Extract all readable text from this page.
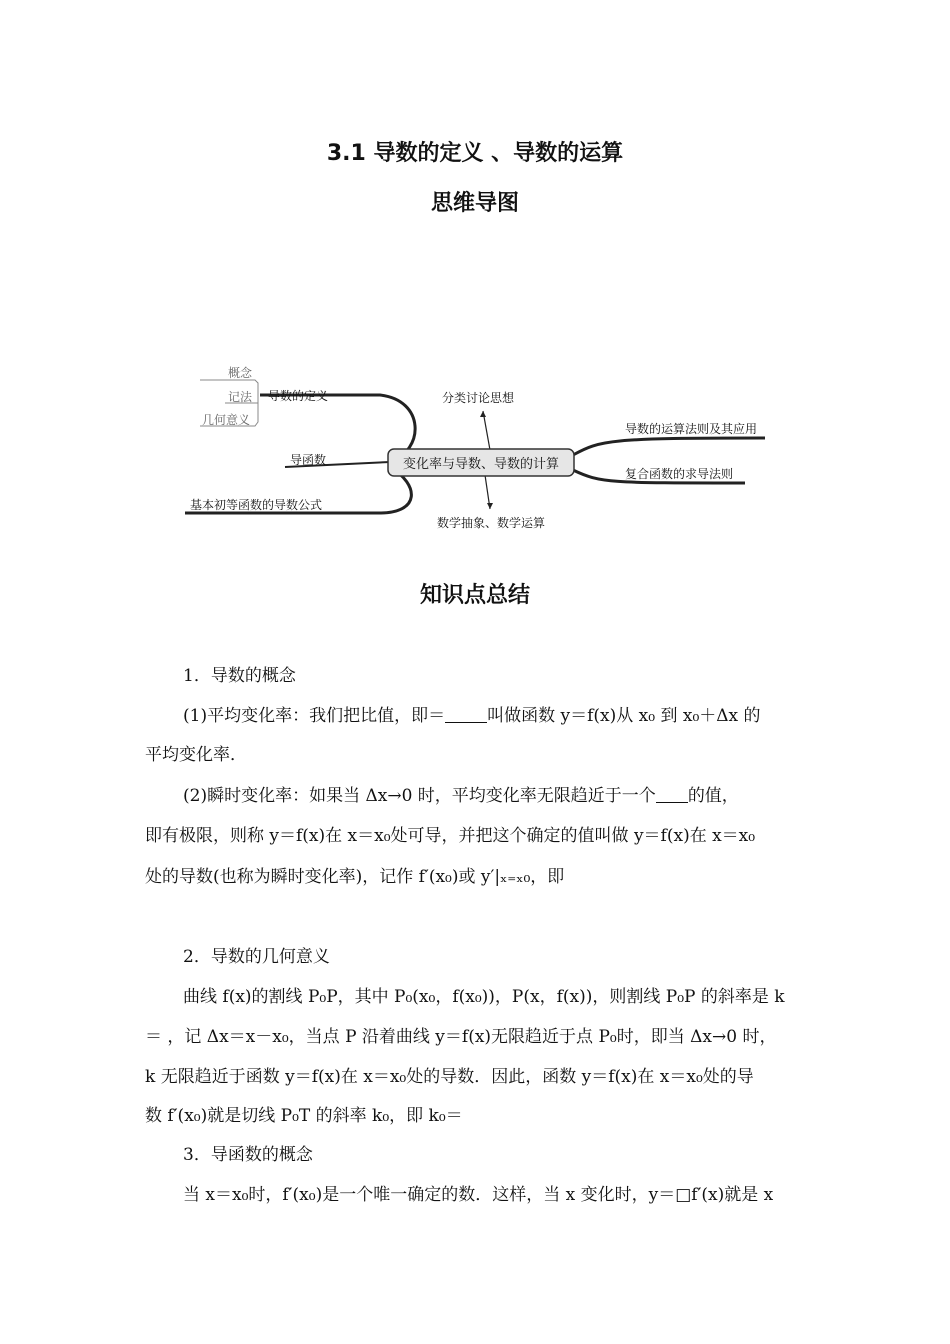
3.1 导数的定义 、导数的运算
思维导图
变化率与导数、导数的计算
概念
记法
几何意义
导数的定义
导函数
基本初等函数的导数公式
导数的运算法则及其应用
复合函数的求导法则
分类讨论思想
数学抽象、数学运算
知识点总结
1．导数的概念
(1)平均变化率：我们把比值，即＝ 叫做函数 y＝f(x)从 x₀ 到 x₀＋Δx 的
平均变化率．
(2)瞬时变化率：如果当 Δx→0 时，平均变化率无限趋近于一个 的值，
即有极限，则称 y＝f(x)在 x＝x₀处可导，并把这个确定的值叫做 y＝f(x)在 x＝x₀
处的导数(也称为瞬时变化率)，记作 f′(x₀)或 y′|ₓ₌ₓ₀，即
2．导数的几何意义
曲线 f(x)的割线 P₀P，其中 P₀(x₀，f(x₀))，P(x，f(x))，则割线 P₀P 的斜率是 k
＝ ，记 Δx＝x－x₀，当点 P 沿着曲线 y＝f(x)无限趋近于点 P₀时，即当 Δx→0 时，
k 无限趋近于函数 y＝f(x)在 x＝x₀处的导数．因此，函数 y＝f(x)在 x＝x₀处的导
数 f′(x₀)就是切线 P₀T 的斜率 k₀，即 k₀＝
3．导函数的概念
当 x＝x₀时，f′(x₀)是一个唯一确定的数．这样，当 x 变化时，y＝□f′(x)就是 x
